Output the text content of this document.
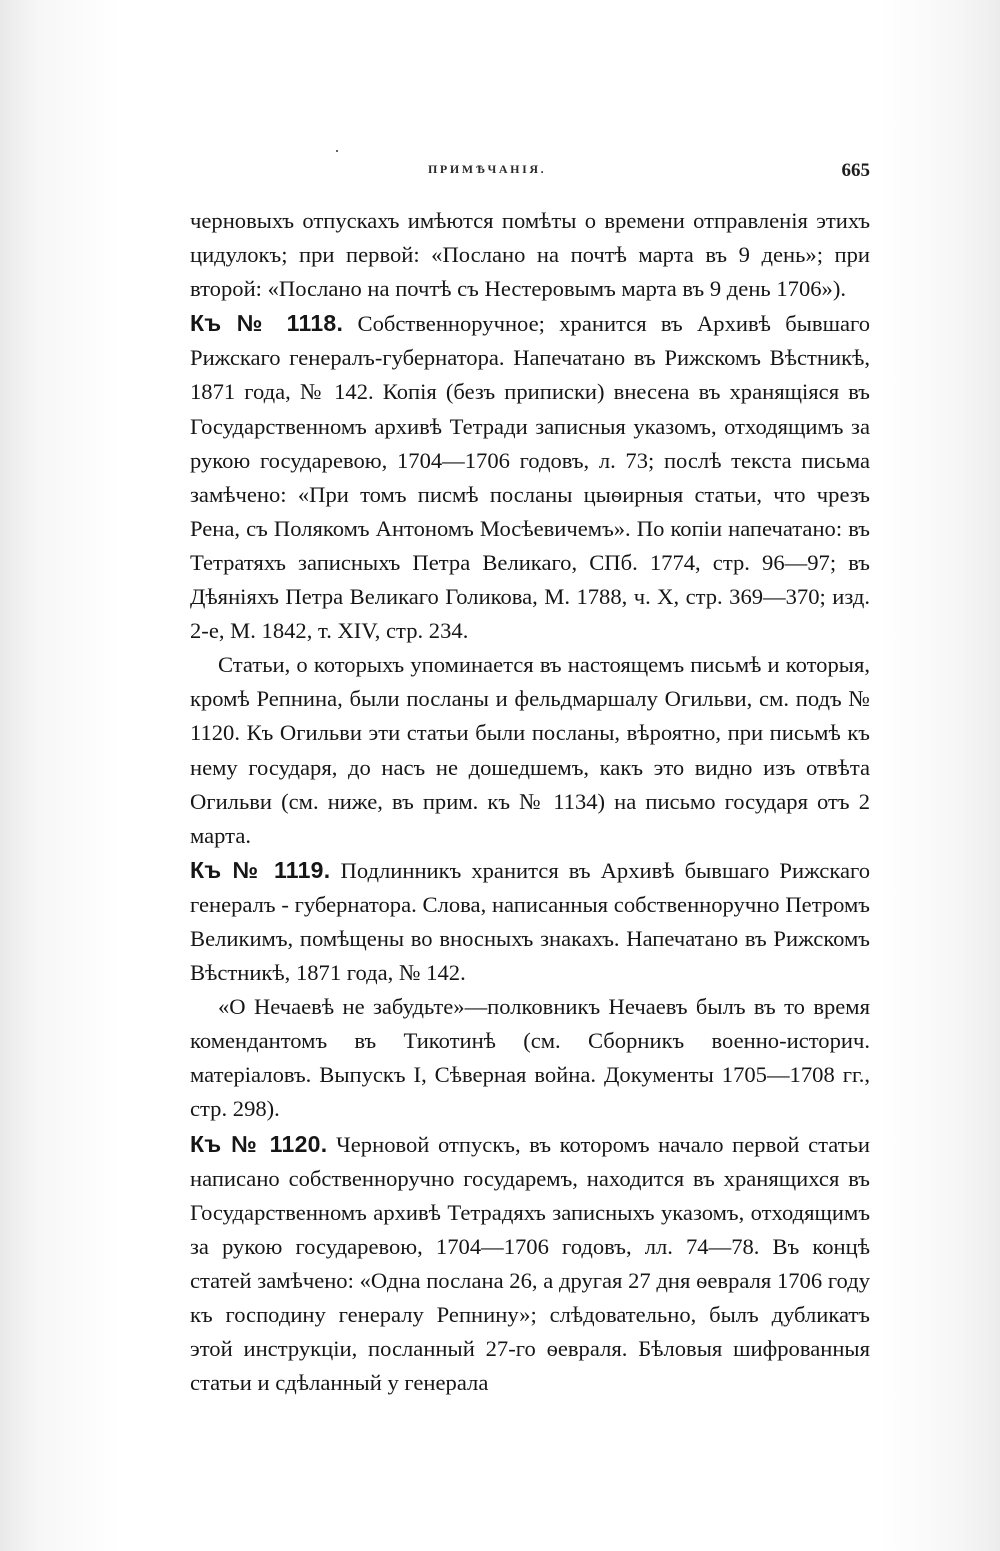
ПРИМѢЧАНІЯ.	665

черновыхъ отпускахъ имѣются помѣты о времени отправленія этихъ цидулокъ; при первой: «Послано на почтѣ марта въ 9 день»; при второй: «Послано на почтѣ съ Нестеровымъ марта въ 9 день 1706»).

Къ № 1118. Собственноручное; хранится въ Архивѣ бывшаго Рижскаго генералъ-губернатора. Напечатано въ Рижскомъ Вѣстникѣ, 1871 года, № 142. Копія (безъ приписки) внесена въ хранящіяся въ Государственномъ архивѣ Тетради записныя указомъ, отходящимъ за рукою государевою, 1704—1706 годовъ, л. 73; послѣ текста письма замѣчено: «При томъ писмѣ посланы цыѳирныя статьи, что чрезъ Рена, съ Полякомъ Антономъ Мосѣевичемъ». По копіи напечатано: въ Тетратяхъ записныхъ Петра Великаго, СПб. 1774, стр. 96—97; въ Дѣяніяхъ Петра Великаго Голикова, М. 1788, ч. X, стр. 369—370; изд. 2-е, М. 1842, т. XIV, стр. 234.

Статьи, о которыхъ упоминается въ настоящемъ письмѣ и которыя, кромѣ Репнина, были посланы и фельдмаршалу Огильви, см. подъ № 1120. Къ Огильви эти статьи были посланы, вѣроятно, при письмѣ къ нему государя, до насъ не дошедшемъ, какъ это видно изъ отвѣта Огильви (см. ниже, въ прим. къ № 1134) на письмо государя отъ 2 марта.

Къ № 1119. Подлинникъ хранится въ Архивѣ бывшаго Рижскаго генералъ - губернатора. Слова, написанныя собственноручно Петромъ Великимъ, помѣщены во вносныхъ знакахъ. Напечатано въ Рижскомъ Вѣстникѣ, 1871 года, № 142.

«О Нечаевѣ не забудьте»—полковникъ Нечаевъ былъ въ то время комендантомъ въ Тикотинѣ (см. Сборникъ военно-историч. матеріаловъ. Выпускъ I, Сѣверная война. Документы 1705—1708 гг., стр. 298).

Къ № 1120. Черновой отпускъ, въ которомъ начало первой статьи написано собственноручно государемъ, находится въ хранящихся въ Государственномъ архивѣ Тетрадяхъ записныхъ указомъ, отходящимъ за рукою государевою, 1704—1706 годовъ, лл. 74—78. Въ концѣ статей замѣчено: «Одна послана 26, а другая 27 дня ѳевраля 1706 году къ господину генералу Репнину»; слѣдовательно, былъ дубликатъ этой инструкціи, посланный 27-го ѳевраля. Бѣловыя шифрованныя статьи и сдѣланный у генерала
